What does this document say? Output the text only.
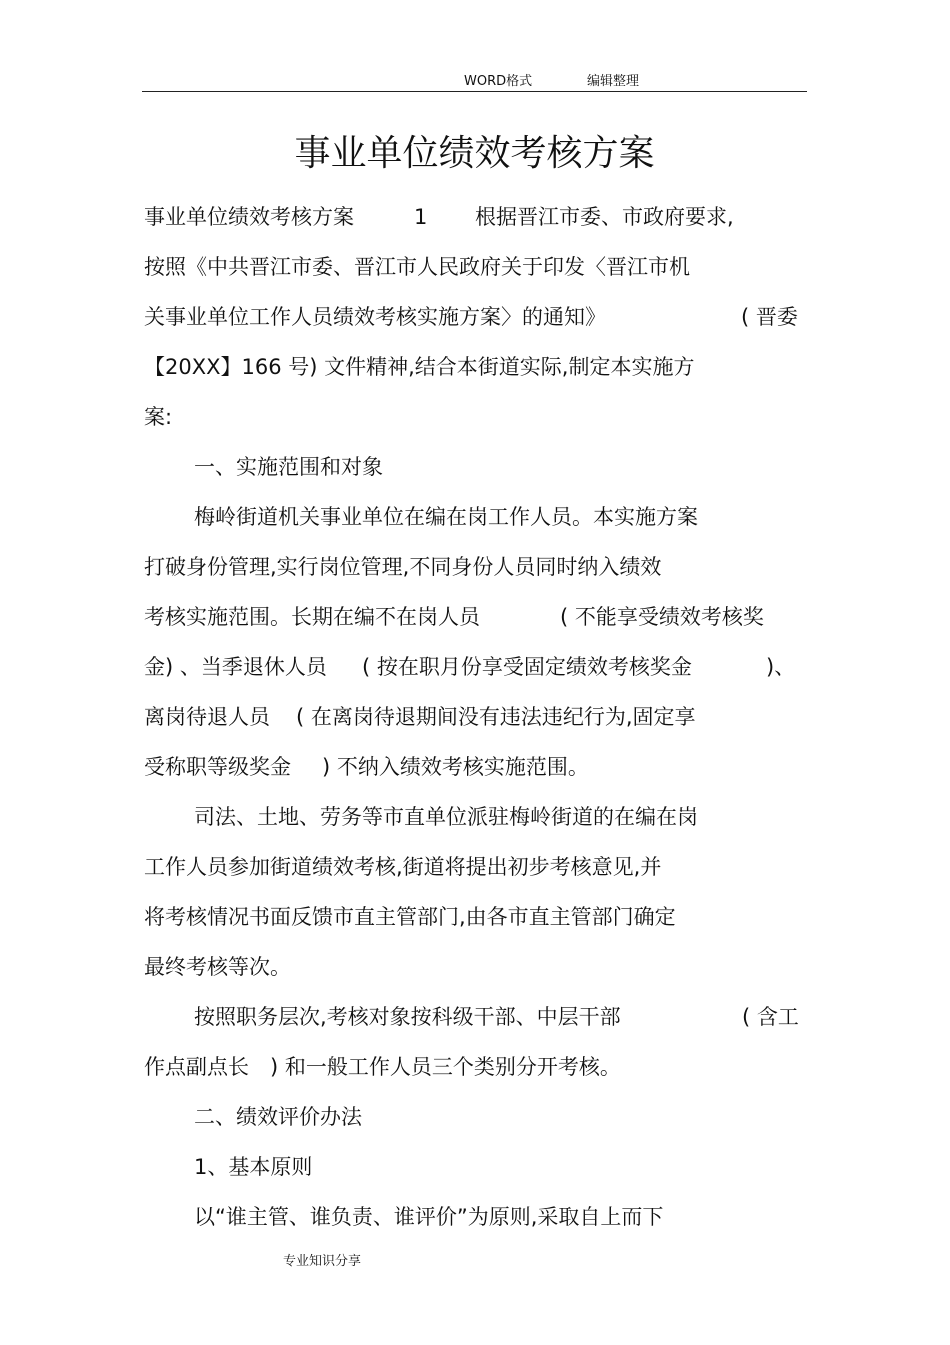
WORD格式	编辑整理
事业单位绩效考核方案
事业单位绩效考核方案	1 根据晋江市委、市政府要求,
按照《中共晋江市委、晋江市人民政府关于印发〈晋江市机
关事业单位工作人员绩效考核实施方案〉的通知》	( 晋委
【20XX】166 号) 文件精神,结合本街道实际,制定本实施方
案:
一、实施范围和对象
梅岭街道机关事业单位在编在岗工作人员。本实施方案
打破身份管理,实行岗位管理,不同身份人员同时纳入绩效
考核实施范围。长期在编不在岗人员	( 不能享受绩效考核奖
金) 、当季退休人员 ( 按在职月份享受固定绩效考核奖金	)、
离岗待退人员 ( 在离岗待退期间没有违法违纪行为,固定享
受称职等级奖金 ) 不纳入绩效考核实施范围。
司法、土地、劳务等市直单位派驻梅岭街道的在编在岗
工作人员参加街道绩效考核,街道将提出初步考核意见,并
将考核情况书面反馈市直主管部门,由各市直主管部门确定
最终考核等次。
按照职务层次,考核对象按科级干部、中层干部	( 含工
作点副点长 ) 和一般工作人员三个类别分开考核。
二、绩效评价办法
1、基本原则
以“谁主管、谁负责、谁评价”为原则,采取自上而下
专业知识分享
